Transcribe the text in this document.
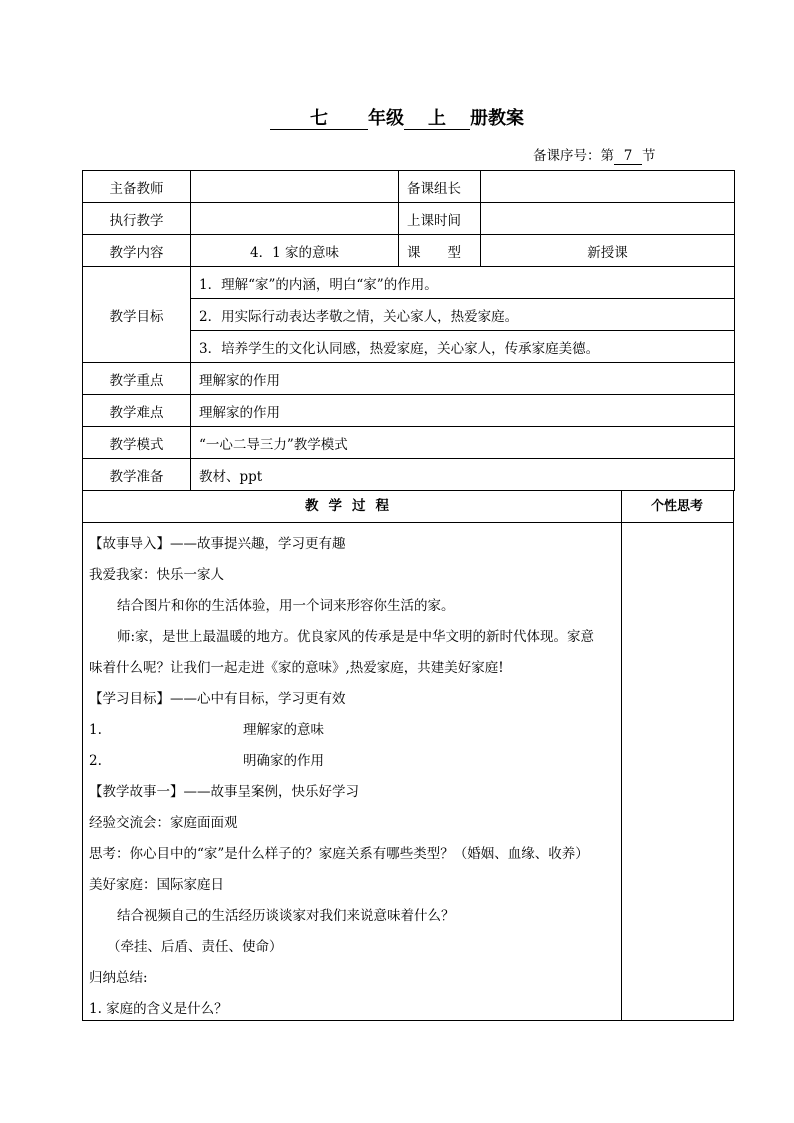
七 年级 上 册教案
备课序号：第 7 节
主备教师		备课组长	
执行教学		上课时间	
教学内容	4．1 家的意味	课　　型	新授课
教学目标	1．理解“家”的内涵，明白“家”的作用。		
	2．用实际行动表达孝敬之情，关心家人，热爱家庭。		
	3．培养学生的文化认同感，热爱家庭，关心家人，传承家庭美德。		
教学重点	理解家的作用		
教学难点	理解家的作用		
教学模式	“一心二导三力”教学模式		
教学准备	教材、ppt		
教学过程	个性思考
【故事导入】——故事提兴趣，学习更有趣
我爱我家：快乐一家人
结合图片和你的生活体验，用一个词来形容你生活的家。
师:家，是世上最温暖的地方。优良家风的传承是是中华文明的新时代体现。家意
味着什么呢？让我们一起走进《家的意味》,热爱家庭，共建美好家庭!
【学习目标】——心中有目标，学习更有效
1.	理解家的意味
2.	明确家的作用
【教学故事一】——故事呈案例，快乐好学习
经验交流会：家庭面面观
思考：你心目中的“家”是什么样子的？家庭关系有哪些类型？（婚姻、血缘、收养）
美好家庭：国际家庭日
结合视频自己的生活经历谈谈家对我们来说意味着什么？
（牵挂、后盾、责任、使命）
归纳总结:
1. 家庭的含义是什么？
